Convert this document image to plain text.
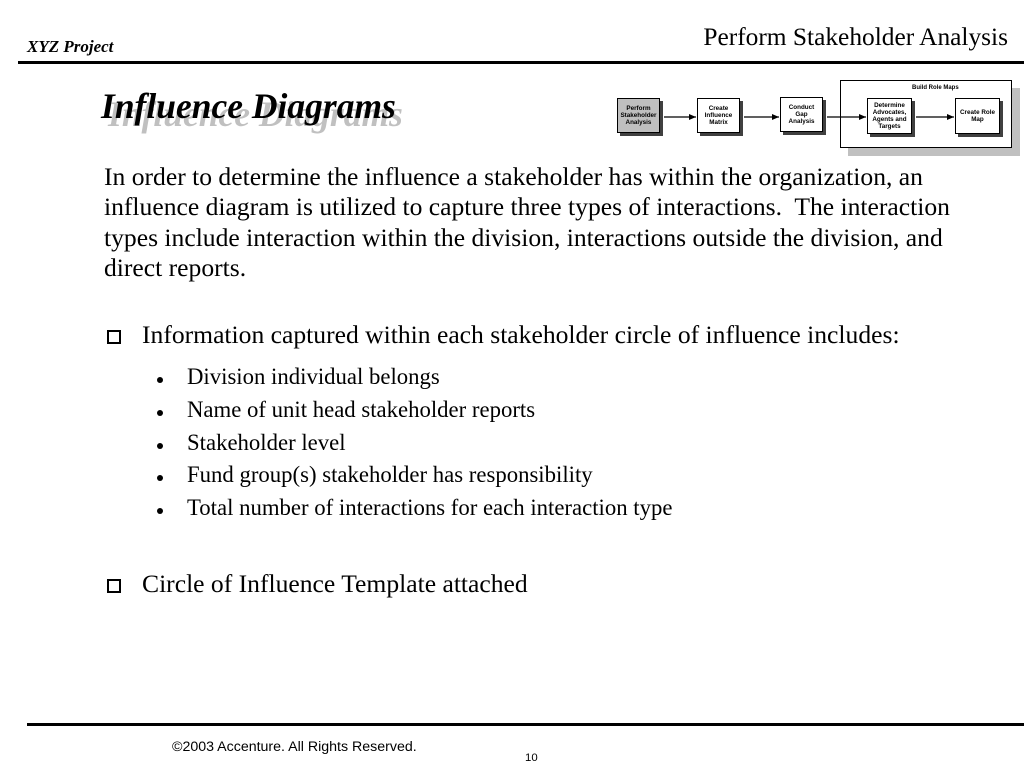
XYZ Project	Perform Stakeholder Analysis
Influence Diagrams	Build Role Maps
Perform
Stakeholder
Analysis
Create
Influence
Matrix
Conduct
Gap
Analysis
Determine
Advocates,
Agents and
Targets
Create Role
Map
In order to determine the influence a stakeholder has within the organization, an influence diagram is utilized to capture three types of interactions.  The interaction types include interaction within the division, interactions outside the division, and direct reports.
Information captured within each stakeholder circle of influence includes:
Division individual belongs
Name of unit head stakeholder reports
Stakeholder level
Fund group(s) stakeholder has responsibility
Total number of interactions for each interaction type
Circle of Influence Template attached
©2003 Accenture. All Rights Reserved.
10
